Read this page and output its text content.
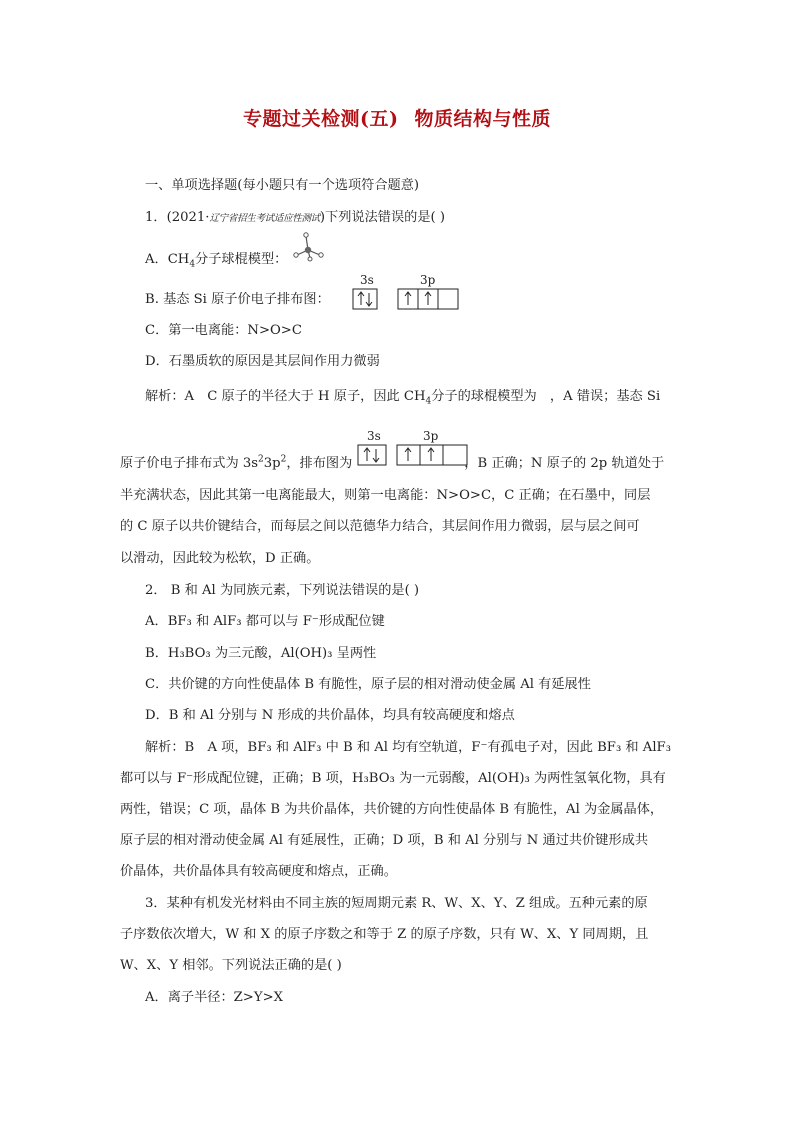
专题过关检测(五) 物质结构与性质
一、单项选择题(每小题只有一个选项符合题意)
1．(2021·辽宁省招生考试适应性测试)下列说法错误的是( )
A．$CH_4$分子球棍模型：
B. 基态 Si 原子价电子排布图：
3s	3p
C．第一电离能：N>O>C
D．石墨质软的原因是其层间作用力微弱
解析：A　C 原子的半径大于 H 原子，因此 $CH_4$分子的球棍模型为　，A 错误；基态 Si
原子价电子排布式为 $3s^23p^2$，排布图为	，B 正确；N 原子的 2p 轨道处于
3s	3p
半充满状态，因此其第一电离能最大，则第一电离能：N>O>C，C 正确；在石墨中，同层
的 C 原子以共价键结合，而每层之间以范德华力结合，其层间作用力微弱，层与层之间可
以滑动，因此较为松软，D 正确。
2． B 和 Al 为同族元素，下列说法错误的是( )
A．BF₃ 和 AlF₃ 都可以与 F⁻形成配位键
B．H₃BO₃ 为三元酸，Al(OH)₃ 呈两性
C．共价键的方向性使晶体 B 有脆性，原子层的相对滑动使金属 Al 有延展性
D．B 和 Al 分别与 N 形成的共价晶体，均具有较高硬度和熔点
解析：B　A 项，BF₃ 和 AlF₃ 中 B 和 Al 均有空轨道，F⁻有孤电子对，因此 BF₃ 和 AlF₃
都可以与 F⁻形成配位键，正确；B 项，H₃BO₃ 为一元弱酸，Al(OH)₃ 为两性氢氧化物，具有
两性，错误；C 项，晶体 B 为共价晶体，共价键的方向性使晶体 B 有脆性，Al 为金属晶体，
原子层的相对滑动使金属 Al 有延展性，正确；D 项，B 和 Al 分别与 N 通过共价键形成共
价晶体，共价晶体具有较高硬度和熔点，正确。
3．某种有机发光材料由不同主族的短周期元素 R、W、X、Y、Z 组成。五种元素的原
子序数依次增大，W 和 X 的原子序数之和等于 Z 的原子序数，只有 W、X、Y 同周期，且
W、X、Y 相邻。下列说法正确的是( )
A．离子半径：Z>Y>X
